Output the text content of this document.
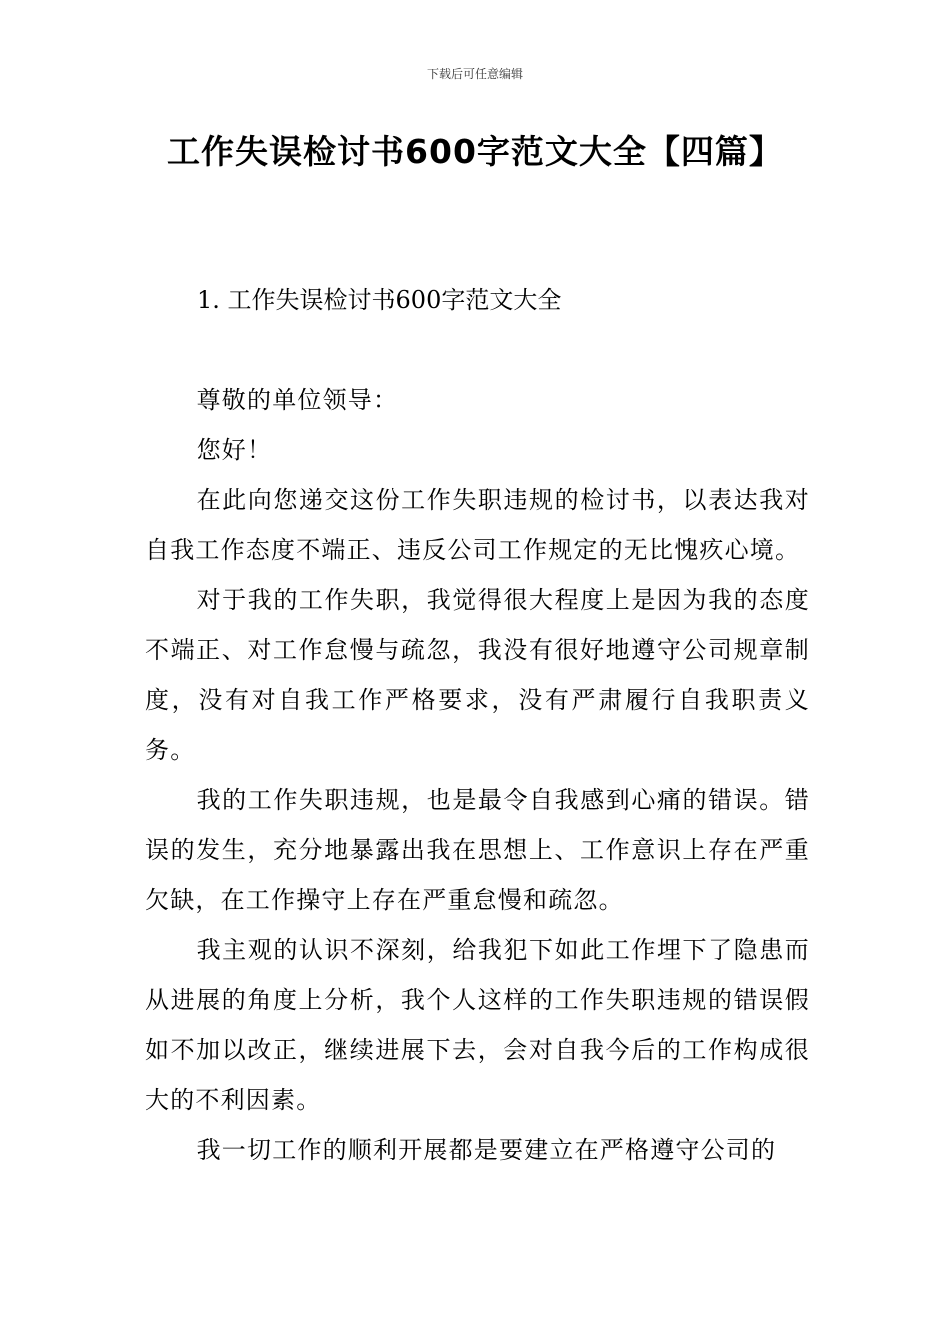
下载后可任意编辑
工作失误检讨书600字范文大全【四篇】
1. 工作失误检讨书600字范文大全

尊敬的单位领导：

您好！

在此向您递交这份工作失职违规的检讨书，以表达我对自我工作态度不端正、违反公司工作规定的无比愧疚心境。

对于我的工作失职，我觉得很大程度上是因为我的态度不端正、对工作怠慢与疏忽，我没有很好地遵守公司规章制度，没有对自我工作严格要求，没有严肃履行自我职责义务。

我的工作失职违规，也是最令自我感到心痛的错误。错误的发生，充分地暴露出我在思想上、工作意识上存在严重欠缺，在工作操守上存在严重怠慢和疏忽。

我主观的认识不深刻，给我犯下如此工作埋下了隐患而从进展的角度上分析，我个人这样的工作失职违规的错误假如不加以改正，继续进展下去，会对自我今后的工作构成很大的不利因素。

我一切工作的顺利开展都是要建立在严格遵守公司的
